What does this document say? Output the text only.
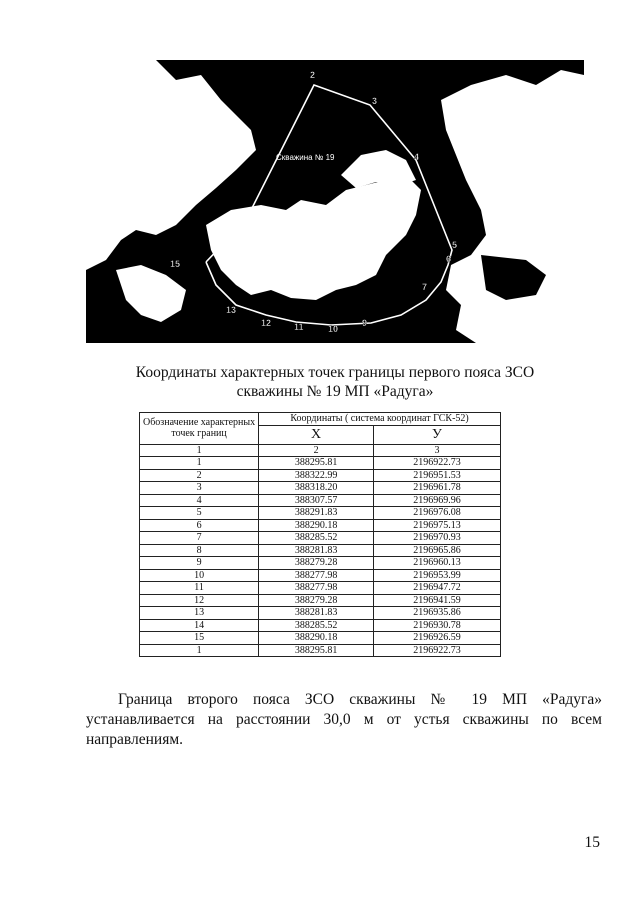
2
3
4
5
6
7
9
10
11
12
13
15
Скважина № 19
Координаты характерных точек границы первого пояса ЗСО
скважины № 19 МП «Радуга»
Обозначение характерных точек границ	Координаты ( система координат ГСК-52)	
	Х	У
1	2	3
1	388295.81	2196922.73
2	388322.99	2196951.53
3	388318.20	2196961.78
4	388307.57	2196969.96
5	388291.83	2196976.08
6	388290.18	2196975.13
7	388285.52	2196970.93
8	388281.83	2196965.86
9	388279.28	2196960.13
10	388277.98	2196953.99
11	388277.98	2196947.72
12	388279.28	2196941.59
13	388281.83	2196935.86
14	388285.52	2196930.78
15	388290.18	2196926.59
1	388295.81	2196922.73
Граница второго пояса ЗСО скважины № 19 МП «Радуга» устанавливается на расстоянии 30,0 м от устья скважины по всем направлениям.
15
